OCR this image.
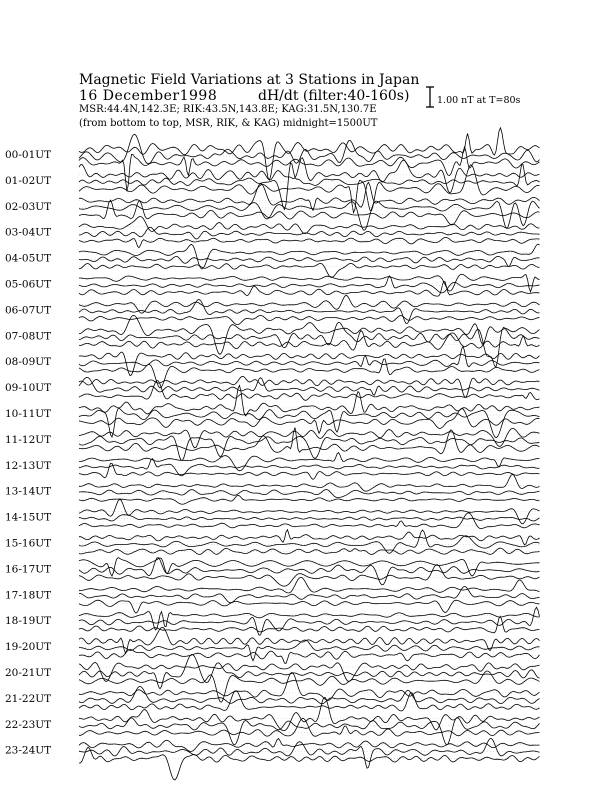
Magnetic Field Variations at 3 Stations in Japan
16 December1998	dH/dt (filter:40-160s)
MSR:44.4N,142.3E; RIK:43.5N,143.8E; KAG:31.5N,130.7E
(from bottom to top, MSR, RIK, & KAG) midnight=1500UT
1.00 nT at T=80s
00-01UT
01-02UT
02-03UT
03-04UT
04-05UT
05-06UT
06-07UT
07-08UT
08-09UT
09-10UT
10-11UT
11-12UT
12-13UT
13-14UT
14-15UT
15-16UT
16-17UT
17-18UT
18-19UT
19-20UT
20-21UT
21-22UT
22-23UT
23-24UT
